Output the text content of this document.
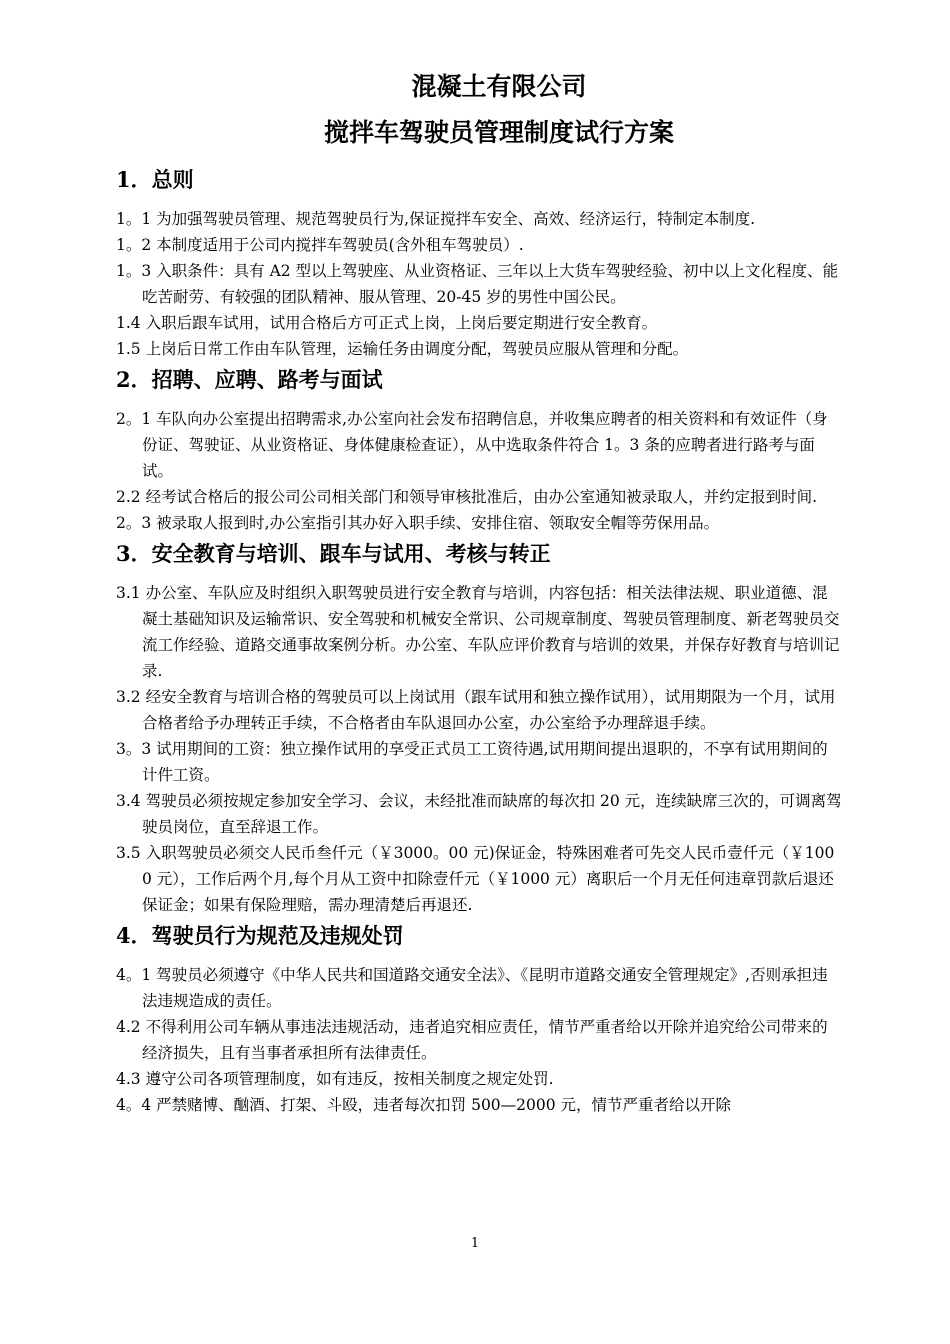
混凝土有限公司
搅拌车驾驶员管理制度试行方案
1．总则

1。1 为加强驾驶员管理、规范驾驶员行为,保证搅拌车安全、高效、经济运行，特制定本制度.

1。2 本制度适用于公司内搅拌车驾驶员(含外租车驾驶员）.

1。3 入职条件：具有 A2 型以上驾驶座、从业资格证、三年以上大货车驾驶经验、初中以上文化程度、能吃苦耐劳、有较强的团队精神、服从管理、20-45 岁的男性中国公民。

1.4 入职后跟车试用，试用合格后方可正式上岗，上岗后要定期进行安全教育。

1.5 上岗后日常工作由车队管理，运输任务由调度分配，驾驶员应服从管理和分配。

2．招聘、应聘、路考与面试

2。1 车队向办公室提出招聘需求,办公室向社会发布招聘信息，并收集应聘者的相关资料和有效证件（身份证、驾驶证、从业资格证、身体健康检查证），从中选取条件符合 1。3 条的应聘者进行路考与面试。

2.2 经考试合格后的报公司公司相关部门和领导审核批准后，由办公室通知被录取人，并约定报到时间.

2。3 被录取人报到时,办公室指引其办好入职手续、安排住宿、领取安全帽等劳保用品。

3．安全教育与培训、跟车与试用、考核与转正

3.1 办公室、车队应及时组织入职驾驶员进行安全教育与培训，内容包括：相关法律法规、职业道德、混凝土基础知识及运输常识、安全驾驶和机械安全常识、公司规章制度、驾驶员管理制度、新老驾驶员交流工作经验、道路交通事故案例分析。办公室、车队应评价教育与培训的效果，并保存好教育与培训记录.

3.2 经安全教育与培训合格的驾驶员可以上岗试用（跟车试用和独立操作试用），试用期限为一个月，试用合格者给予办理转正手续，不合格者由车队退回办公室，办公室给予办理辞退手续。

3。3 试用期间的工资：独立操作试用的享受正式员工工资待遇,试用期间提出退职的，不享有试用期间的计件工资。

3.4 驾驶员必须按规定参加安全学习、会议，未经批准而缺席的每次扣 20 元，连续缺席三次的，可调离驾驶员岗位，直至辞退工作。

3.5 入职驾驶员必须交人民币叁仟元（￥3000。00 元)保证金，特殊困难者可先交人民币壹仟元（￥1000 元），工作后两个月,每个月从工资中扣除壹仟元（￥1000 元）离职后一个月无任何违章罚款后退还保证金；如果有保险理赔，需办理清楚后再退还.

4．驾驶员行为规范及违规处罚

4。1 驾驶员必须遵守《中华人民共和国道路交通安全法》、《昆明市道路交通安全管理规定》,否则承担违法违规造成的责任。

4.2 不得利用公司车辆从事违法违规活动，违者追究相应责任，情节严重者给以开除并追究给公司带来的经济损失，且有当事者承担所有法律责任。

4.3 遵守公司各项管理制度，如有违反，按相关制度之规定处罚.

4。4 严禁赌博、酗酒、打架、斗殴，违者每次扣罚 500—2000 元，情节严重者给以开除

1
